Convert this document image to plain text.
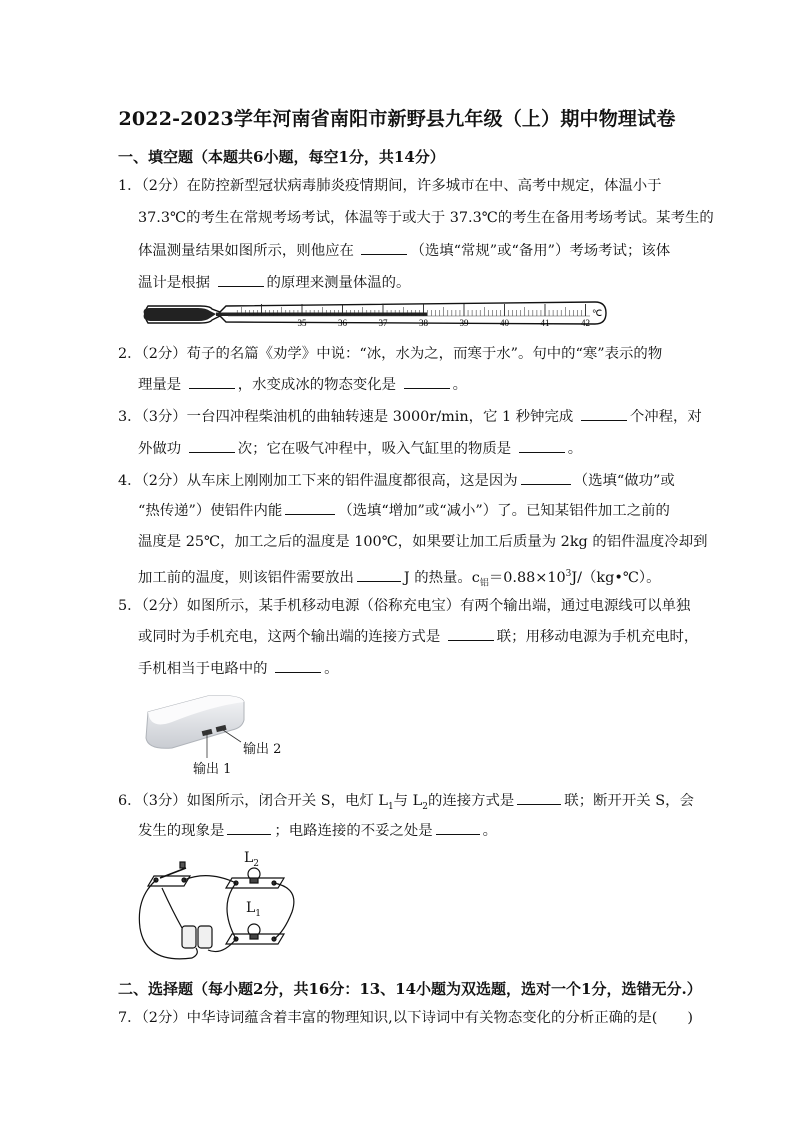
2022-2023学年河南省南阳市新野县九年级（上）期中物理试卷
一、填空题（本题共6小题，每空1分，共14分）
1．（2分）在防控新型冠状病毒肺炎疫情期间，许多城市在中、高考中规定，体温小于
37.3℃的考生在常规考场考试，体温等于或大于 37.3℃的考生在备用考场考试。某考生的
体温测量结果如图所示，则他应在	（选填“常规”或“备用”）考场考试；该体
温计是根据	的原理来测量体温的。
35	36	37	38	39	40	41	42
℃
2．（2分）荀子的名篇《劝学》中说：“冰，水为之，而寒于水”。句中的“寒”表示的物
理量是	，水变成冰的物态变化是	。
3．（3分）一台四冲程柴油机的曲轴转速是 3000r/min，它 1 秒钟完成	个冲程，对
外做功	次；它在吸气冲程中，吸入气缸里的物质是	。
4．（2分）从车床上刚刚加工下来的铝件温度都很高，这是因为	（选填“做功”或
“热传递”）使铝件内能	（选填“增加”或“减小”）了。已知某铝件加工之前的
温度是 25℃，加工之后的温度是 100℃，如果要让加工后质量为 2kg 的铝件温度冷却到
加工前的温度，则该铝件需要放出	J 的热量。$c_铝=0.88\times 10^3J/(kg•℃)$。
5．（2分）如图所示，某手机移动电源（俗称充电宝）有两个输出端，通过电源线可以单独
或同时为手机充电，这两个输出端的连接方式是	联；用移动电源为手机充电时，
手机相当于电路中的	。
输出 2
输出 1
6．（3分）如图所示，闭合开关 S，电灯 $L_1$与 $L_2$的连接方式是	联；断开开关 S，会
发生的现象是	；电路连接的不妥之处是	。
$L_2$
$L_1$
二、选择题（每小题2分，共16分：13、14小题为双选题，选对一个1分，选错无分.）
7．（2分）中华诗词蕴含着丰富的物理知识,以下诗词中有关物态变化的分析正确的是( )
